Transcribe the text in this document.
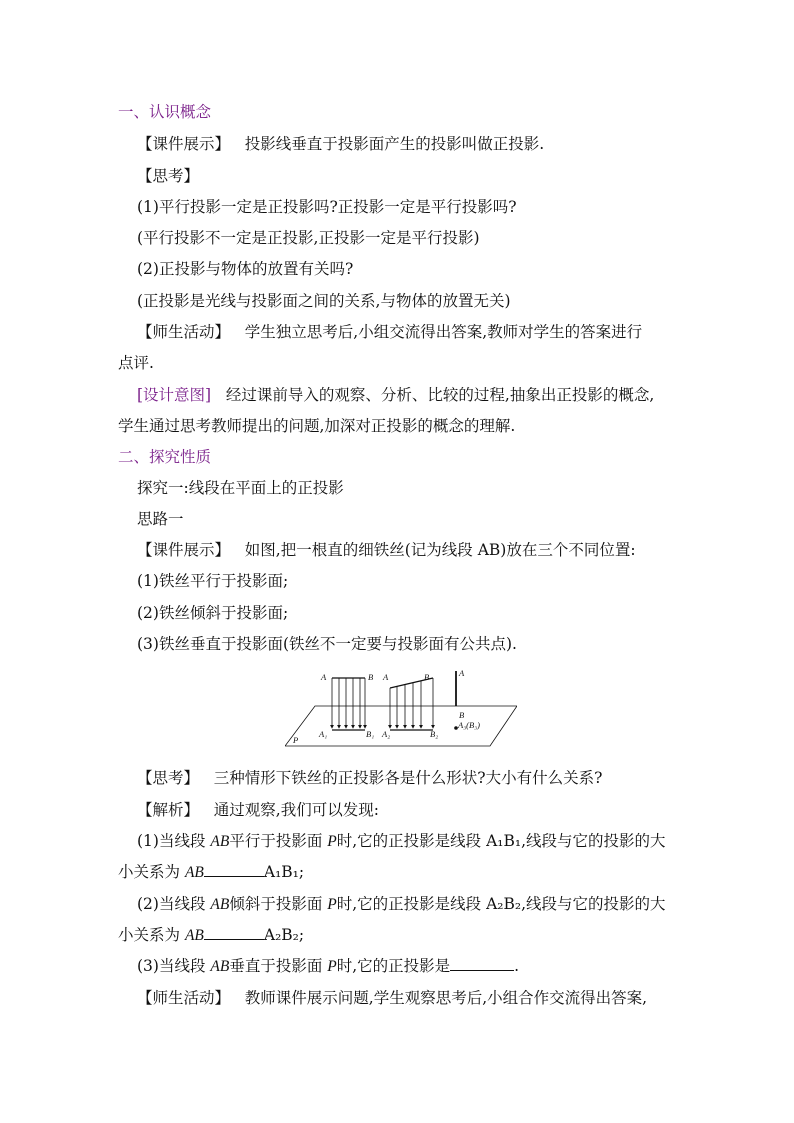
一、认识概念
【课件展示】 投影线垂直于投影面产生的投影叫做正投影.
【思考】
(1)平行投影一定是正投影吗?正投影一定是平行投影吗?
(平行投影不一定是正投影,正投影一定是平行投影)
(2)正投影与物体的放置有关吗?
(正投影是光线与投影面之间的关系,与物体的放置无关)
【师生活动】 学生独立思考后,小组交流得出答案,教师对学生的答案进行
点评.
[设计意图] 经过课前导入的观察、分析、比较的过程,抽象出正投影的概念,
学生通过思考教师提出的问题,加深对正投影的概念的理解.
二、探究性质
探究一:线段在平面上的正投影
思路一
【课件展示】 如图,把一根直的细铁丝(记为线段 AB)放在三个不同位置:
(1)铁丝平行于投影面;
(2)铁丝倾斜于投影面;
(3)铁丝垂直于投影面(铁丝不一定要与投影面有公共点).
A	B A	B	A
B
P
A₁	B₁ A₂	B₂
A₃(B₃)
【思考】 三种情形下铁丝的正投影各是什么形状?大小有什么关系?
【解析】 通过观察,我们可以发现:
(1)当线段 AB平行于投影面 P时,它的正投影是线段 A₁B₁,线段与它的投影的大
小关系为 AB	A₁B₁;
(2)当线段 AB倾斜于投影面 P时,它的正投影是线段 A₂B₂,线段与它的投影的大
小关系为 AB	A₂B₂;
(3)当线段 AB垂直于投影面 P时,它的正投影是	.
【师生活动】 教师课件展示问题,学生观察思考后,小组合作交流得出答案,
